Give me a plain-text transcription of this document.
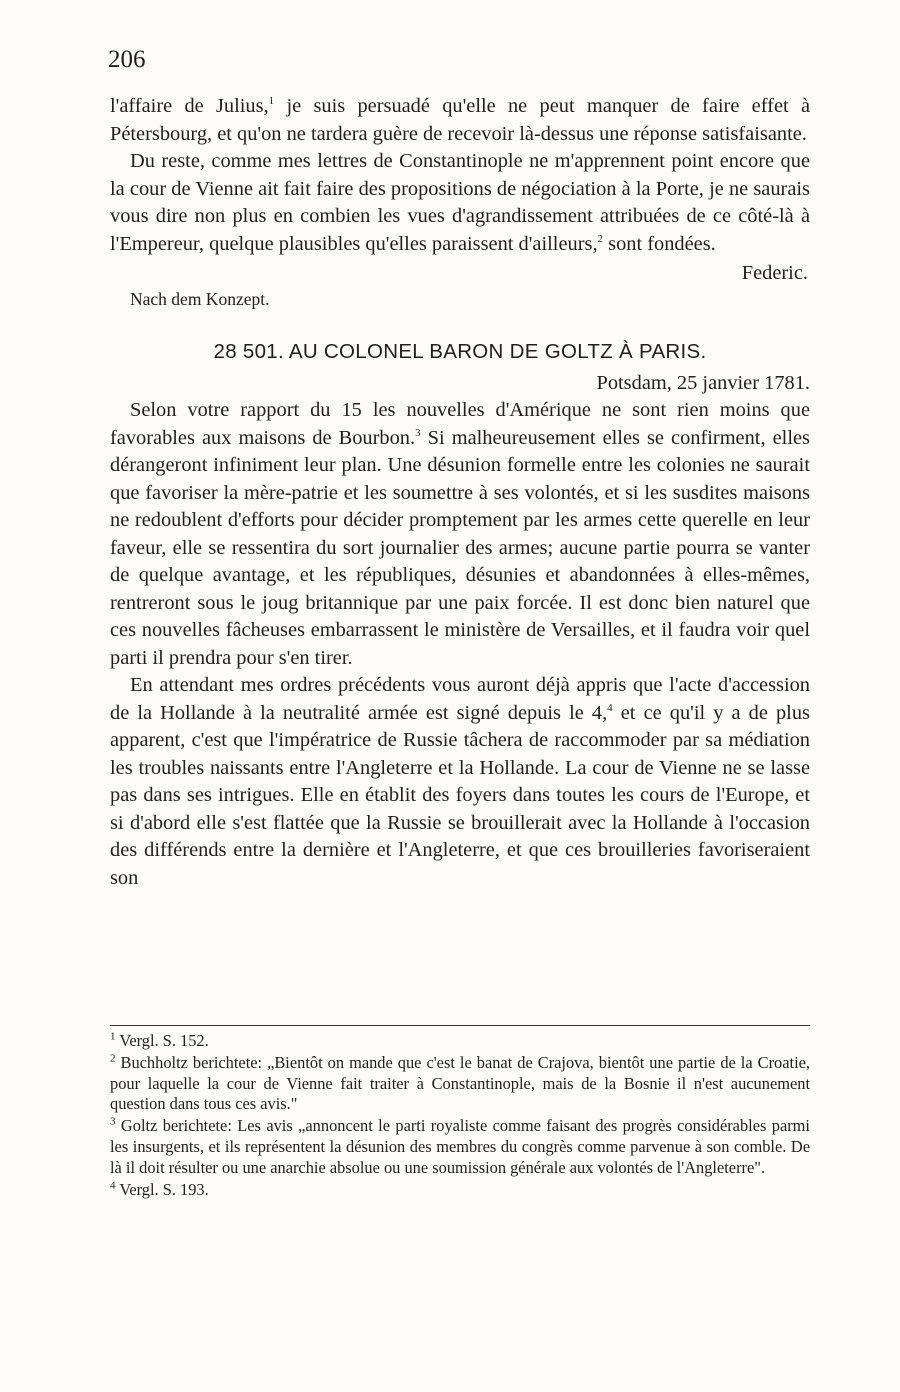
206

l'affaire de Julius,$^1$ je suis persuadé qu'elle ne peut manquer de faire effet à Pétersbourg, et qu'on ne tardera guère de recevoir là-dessus une réponse satisfaisante.

Du reste, comme mes lettres de Constantinople ne m'apprennent point encore que la cour de Vienne ait fait faire des propositions de négociation à la Porte, je ne saurais vous dire non plus en combien les vues d'agrandissement attribuées de ce côté-là à l'Empereur, quelque plausibles qu'elles paraissent d'ailleurs,$^2$ sont fondées.

Federic.
Nach dem Konzept.
28 501. AU COLONEL BARON DE GOLTZ À PARIS.
Potsdam, 25 janvier 1781.

Selon votre rapport du 15 les nouvelles d'Amérique ne sont rien moins que favorables aux maisons de Bourbon.$^3$ Si malheureusement elles se confirment, elles dérangeront infiniment leur plan. Une désunion formelle entre les colonies ne saurait que favoriser la mère-patrie et les soumettre à ses volontés, et si les susdites maisons ne redoublent d'efforts pour décider promptement par les armes cette querelle en leur faveur, elle se ressentira du sort journalier des armes; aucune partie pourra se vanter de quelque avantage, et les républiques, désunies et abandonnées à elles-mêmes, rentreront sous le joug britannique par une paix forcée. Il est donc bien naturel que ces nouvelles fâcheuses embarrassent le ministère de Versailles, et il faudra voir quel parti il prendra pour s'en tirer.

En attendant mes ordres précédents vous auront déjà appris que l'acte d'accession de la Hollande à la neutralité armée est signé depuis le 4,$^4$ et ce qu'il y a de plus apparent, c'est que l'impératrice de Russie tâchera de raccommoder par sa médiation les troubles naissants entre l'Angleterre et la Hollande. La cour de Vienne ne se lasse pas dans ses intrigues. Elle en établit des foyers dans toutes les cours de l'Europe, et si d'abord elle s'est flattée que la Russie se brouillerait avec la Hollande à l'occasion des différends entre la dernière et l'Angleterre, et que ces brouilleries favoriseraient son

$^1$ Vergl. S. 152.

$^2$ Buchholtz berichtete: „Bientôt on mande que c'est le banat de Crajova, bientôt une partie de la Croatie, pour laquelle la cour de Vienne fait traiter à Constantinople, mais de la Bosnie il n'est aucunement question dans tous ces avis."

$^3$ Goltz berichtete: Les avis „annoncent le parti royaliste comme faisant des progrès considérables parmi les insurgents, et ils représentent la désunion des membres du congrès comme parvenue à son comble. De là il doit résulter ou une anarchie absolue ou une soumission générale aux volontés de l'Angleterre".

$^4$ Vergl. S. 193.
